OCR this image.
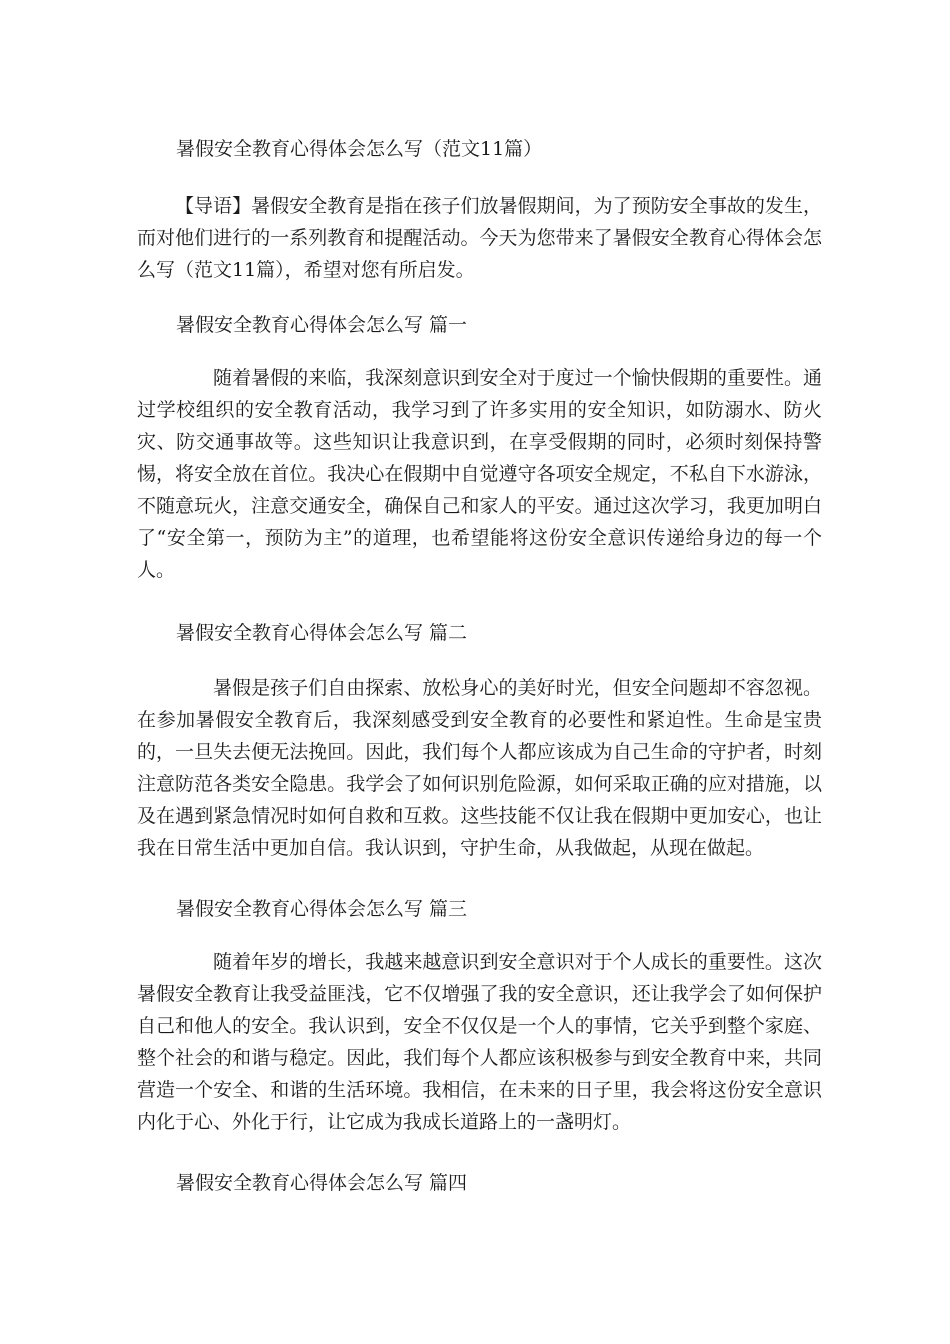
暑假安全教育心得体会怎么写（范文11篇）

【导语】暑假安全教育是指在孩子们放暑假期间，为了预防安全事故的发生，而对他们进行的一系列教育和提醒活动。今天为您带来了暑假安全教育心得体会怎么写（范文11篇），希望对您有所启发。

暑假安全教育心得体会怎么写 篇一

随着暑假的来临，我深刻意识到安全对于度过一个愉快假期的重要性。通过学校组织的安全教育活动，我学习到了许多实用的安全知识，如防溺水、防火灾、防交通事故等。这些知识让我意识到，在享受假期的同时，必须时刻保持警惕，将安全放在首位。我决心在假期中自觉遵守各项安全规定，不私自下水游泳，不随意玩火，注意交通安全，确保自己和家人的平安。通过这次学习，我更加明白了“安全第一，预防为主”的道理，也希望能将这份安全意识传递给身边的每一个人。

暑假安全教育心得体会怎么写 篇二

暑假是孩子们自由探索、放松身心的美好时光，但安全问题却不容忽视。在参加暑假安全教育后，我深刻感受到安全教育的必要性和紧迫性。生命是宝贵的，一旦失去便无法挽回。因此，我们每个人都应该成为自己生命的守护者，时刻注意防范各类安全隐患。我学会了如何识别危险源，如何采取正确的应对措施，以及在遇到紧急情况时如何自救和互救。这些技能不仅让我在假期中更加安心，也让我在日常生活中更加自信。我认识到，守护生命，从我做起，从现在做起。

暑假安全教育心得体会怎么写 篇三

随着年岁的增长，我越来越意识到安全意识对于个人成长的重要性。这次暑假安全教育让我受益匪浅，它不仅增强了我的安全意识，还让我学会了如何保护自己和他人的安全。我认识到，安全不仅仅是一个人的事情，它关乎到整个家庭、整个社会的和谐与稳定。因此，我们每个人都应该积极参与到安全教育中来，共同营造一个安全、和谐的生活环境。我相信，在未来的日子里，我会将这份安全意识内化于心、外化于行，让它成为我成长道路上的一盏明灯。

暑假安全教育心得体会怎么写 篇四
